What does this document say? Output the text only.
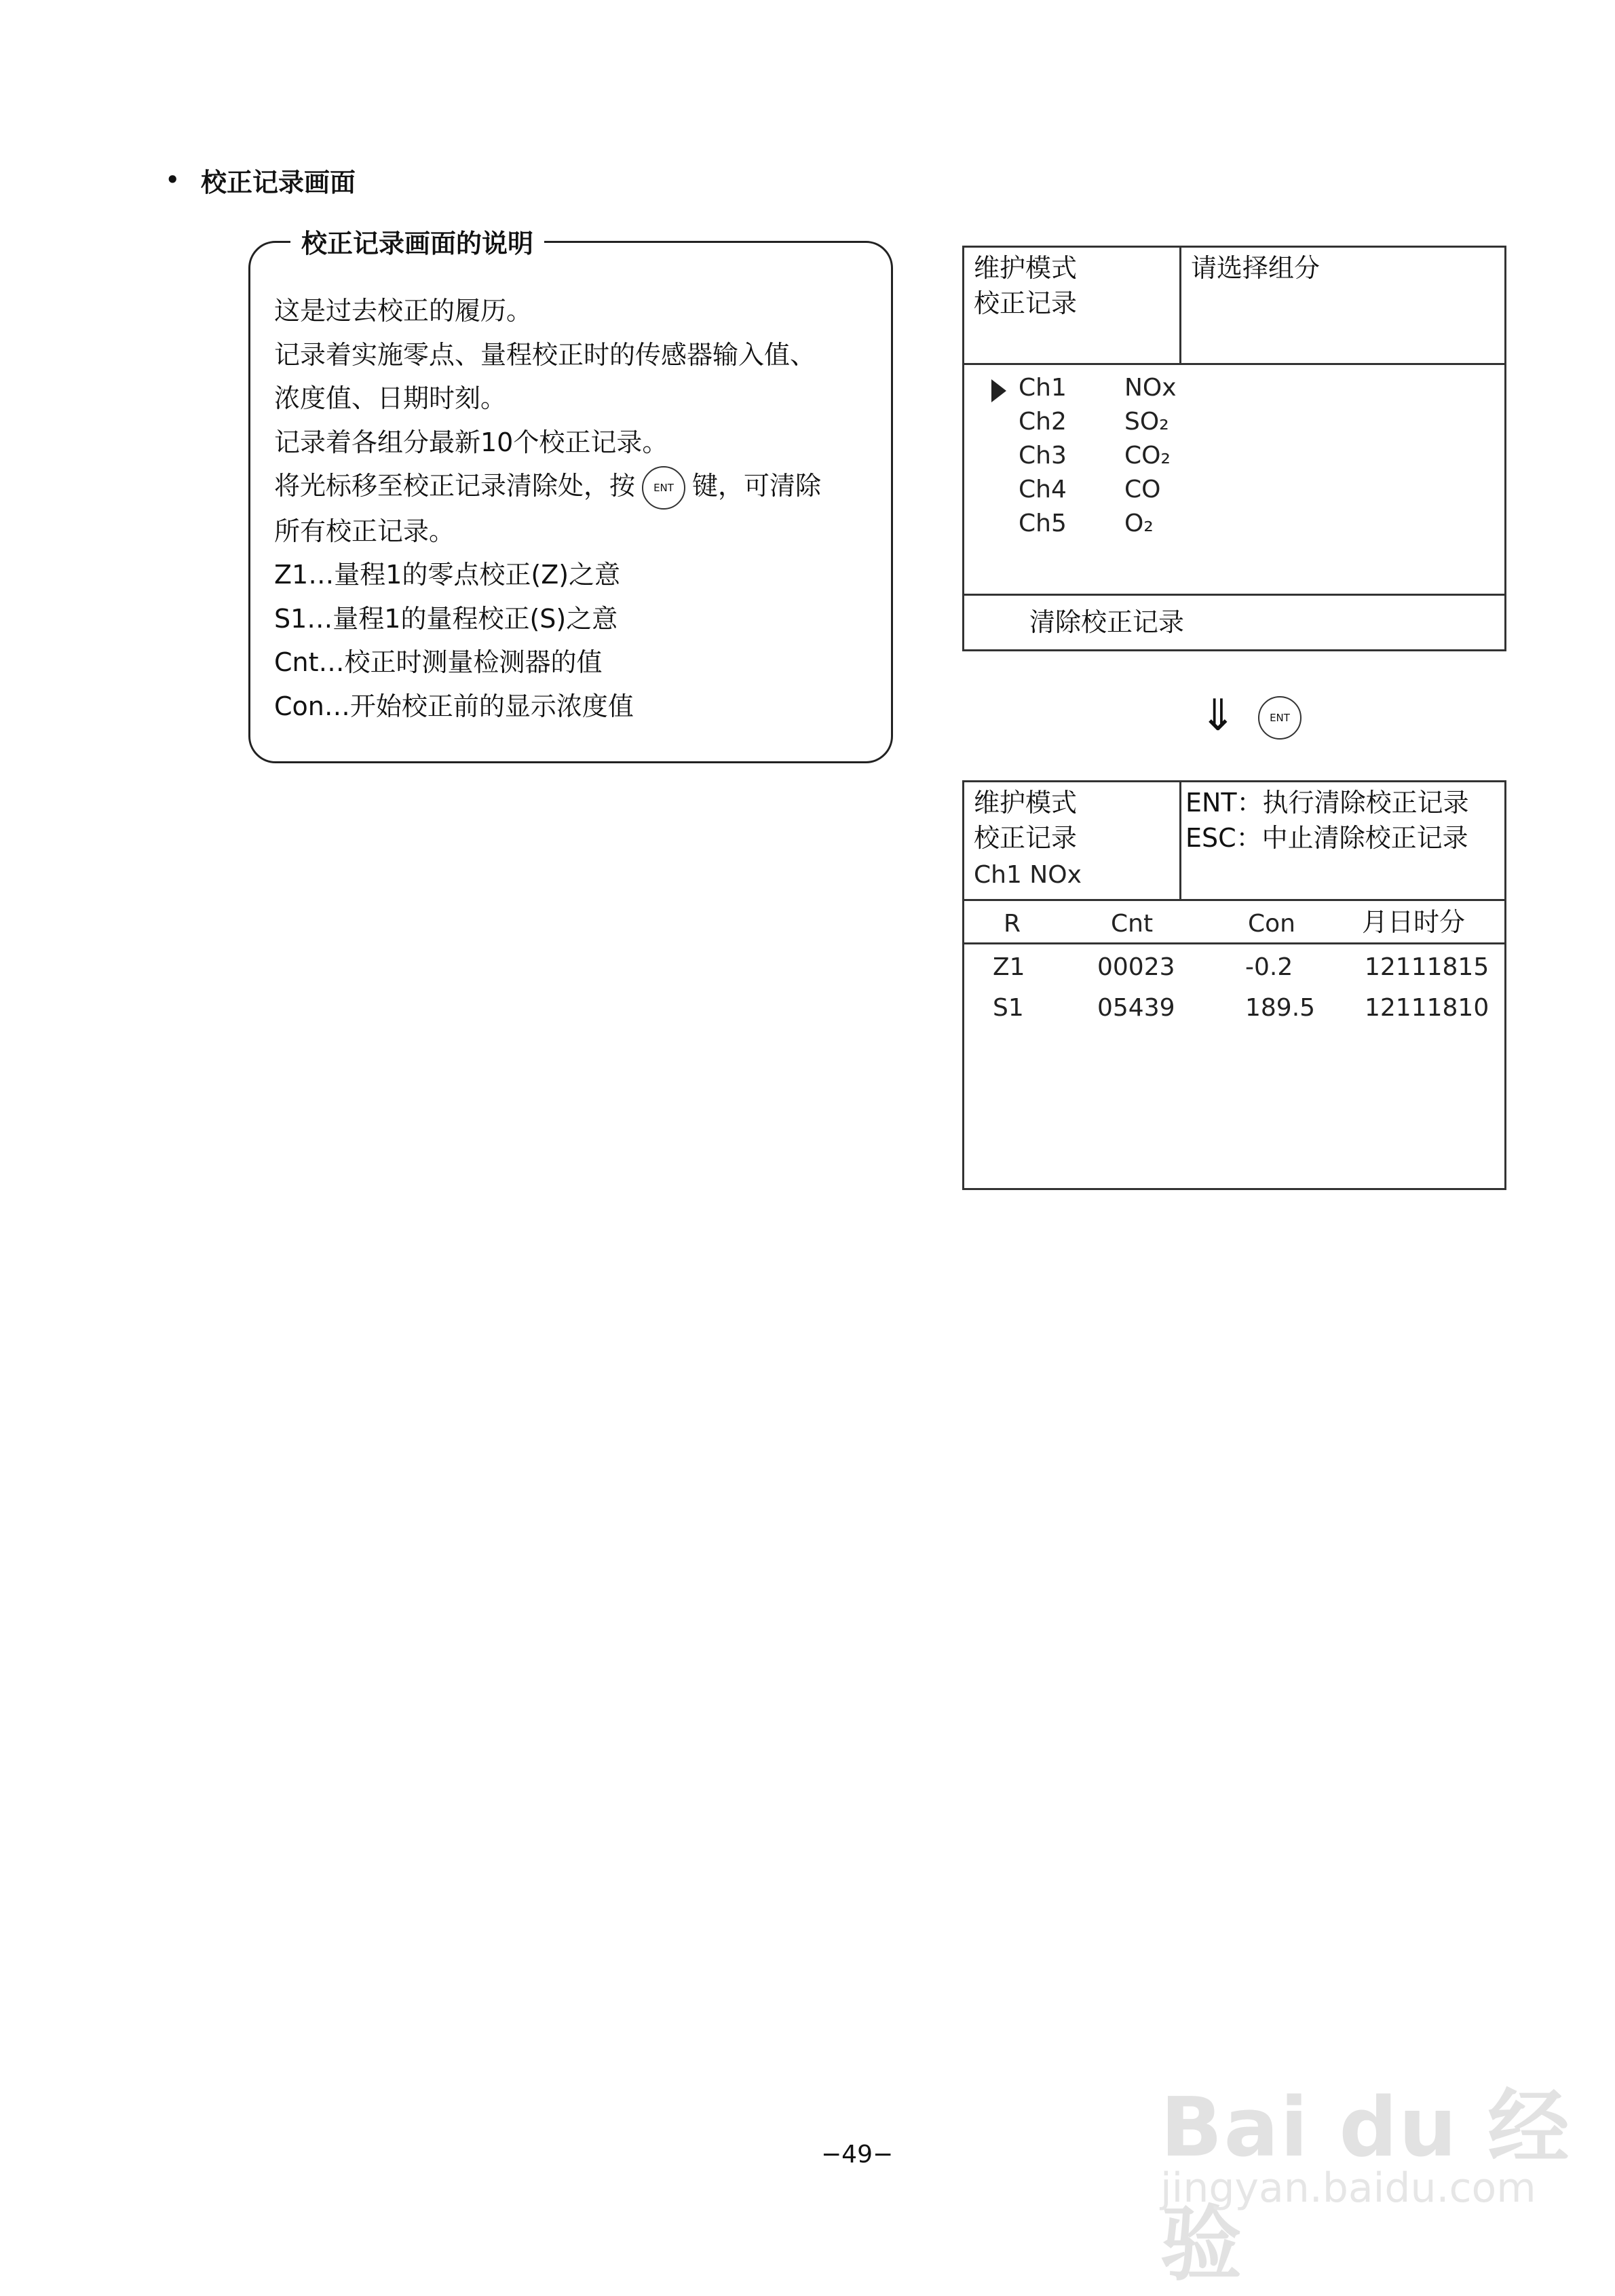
• 校正记录画面
校正记录画面的说明
这是过去校正的履历。
记录着实施零点、量程校正时的传感器输入值、
浓度值、日期时刻。
记录着各组分最新10个校正记录。
将光标移至校正记录清除处，按 ENT 键，可清除
所有校正记录。
Z1…量程1的零点校正(Z)之意
S1…量程1的量程校正(S)之意
Cnt…校正时测量检测器的值
Con…开始校正前的显示浓度值
维护模式
校正记录
请选择组分
Ch1 NOx
Ch2 SO₂
Ch3 CO₂
Ch4 CO
Ch5 O₂
清除校正记录
⇓	ENT
维护模式
校正记录
Ch1 NOx
ENT：执行清除校正记录
ESC：中止清除校正记录
R	Cnt	Con	月日时分
Z1	00023	-0.2	12111815
S1	05439	189.5 12111810
−49−	Bai du 经验
jingyan.baidu.com
